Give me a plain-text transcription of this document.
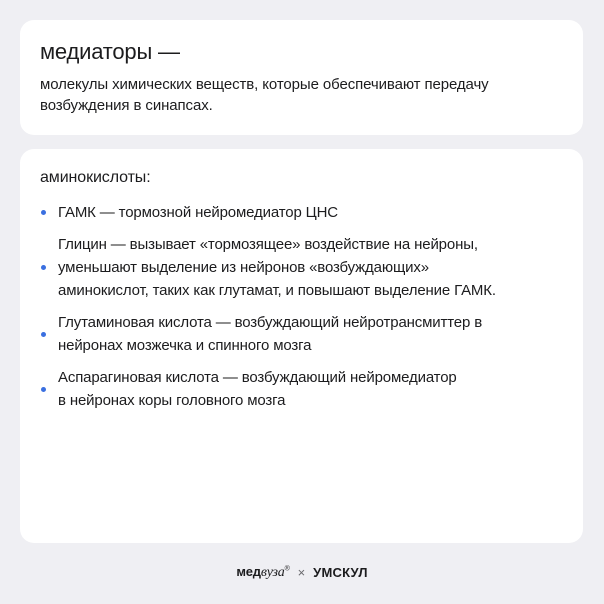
медиаторы —

молекулы химических веществ, которые обеспечивают передачу
возбуждения в синапсах.

аминокислоты:

ГАМК — тормозной нейромедиатор ЦНС
Глицин — вызывает «тормозящее» воздействие на нейроны,
уменьшают выделение из нейронов «возбуждающих»
аминокислот, таких как глутамат, и повышают выделение ГАМК.
Глутаминовая кислота — возбуждающий нейротрансмиттер в
нейронах мозжечка и спинного мозга
Аспарагиновая кислота — возбуждающий нейромедиатор
в нейронах коры головного мозга
медвуза® × УМСКУЛ
